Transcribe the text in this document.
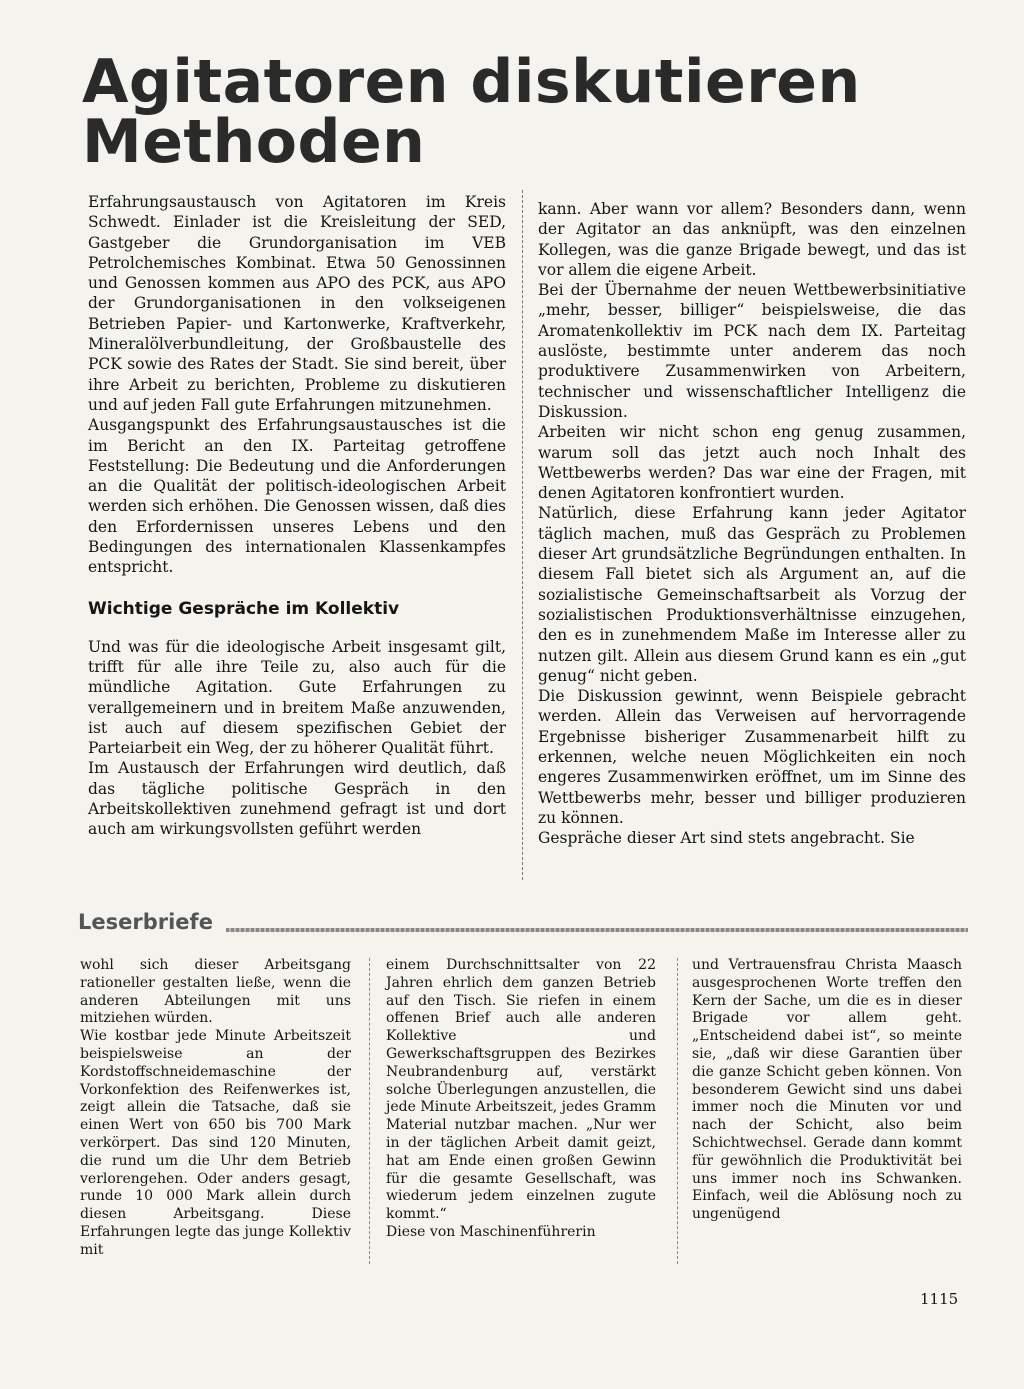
Agitatoren diskutieren Methoden

Erfahrungsaustausch von Agitatoren im Kreis Schwedt. Einlader ist die Kreisleitung der SED, Gastgeber die Grundorganisation im VEB Petrolchemisches Kombinat. Etwa 50 Genossinnen und Genossen kommen aus APO des PCK, aus APO der Grundorganisationen in den volkseigenen Betrieben Papier- und Kartonwerke, Kraftverkehr, Mineralölverbundleitung, der Großbaustelle des PCK sowie des Rates der Stadt. Sie sind bereit, über ihre Arbeit zu berichten, Probleme zu diskutieren und auf jeden Fall gute Erfahrungen mitzunehmen.

Ausgangspunkt des Erfahrungsaustausches ist die im Bericht an den IX. Parteitag getroffene Feststellung: Die Bedeutung und die Anforderungen an die Qualität der politisch-ideologischen Arbeit werden sich erhöhen. Die Genossen wissen, daß dies den Erfordernissen unseres Lebens und den Bedingungen des internationalen Klassenkampfes entspricht.

Wichtige Gespräche im Kollektiv

Und was für die ideologische Arbeit insgesamt gilt, trifft für alle ihre Teile zu, also auch für die mündliche Agitation. Gute Erfahrungen zu verallgemeinern und in breitem Maße anzuwenden, ist auch auf diesem spezifischen Gebiet der Parteiarbeit ein Weg, der zu höherer Qualität führt.

Im Austausch der Erfahrungen wird deutlich, daß das tägliche politische Gespräch in den Arbeitskollektiven zunehmend gefragt ist und dort auch am wirkungsvollsten geführt werden

kann. Aber wann vor allem? Besonders dann, wenn der Agitator an das anknüpft, was den einzelnen Kollegen, was die ganze Brigade bewegt, und das ist vor allem die eigene Arbeit.

Bei der Übernahme der neuen Wettbewerbsinitiative „mehr, besser, billiger“ beispielsweise, die das Aromatenkollektiv im PCK nach dem IX. Parteitag auslöste, bestimmte unter anderem das noch produktivere Zusammenwirken von Arbeitern, technischer und wissenschaftlicher Intelligenz die Diskussion.

Arbeiten wir nicht schon eng genug zusammen, warum soll das jetzt auch noch Inhalt des Wettbewerbs werden? Das war eine der Fragen, mit denen Agitatoren konfrontiert wurden.

Natürlich, diese Erfahrung kann jeder Agitator täglich machen, muß das Gespräch zu Problemen dieser Art grundsätzliche Begründungen enthalten. In diesem Fall bietet sich als Argument an, auf die sozialistische Gemeinschaftsarbeit als Vorzug der sozialistischen Produktionsverhältnisse einzugehen, den es in zunehmendem Maße im Interesse aller zu nutzen gilt. Allein aus diesem Grund kann es ein „gut genug“ nicht geben.

Die Diskussion gewinnt, wenn Beispiele gebracht werden. Allein das Verweisen auf hervorragende Ergebnisse bisheriger Zusammenarbeit hilft zu erkennen, welche neuen Möglichkeiten ein noch engeres Zusammenwirken eröffnet, um im Sinne des Wettbewerbs mehr, besser und billiger produzieren zu können.

Gespräche dieser Art sind stets angebracht. Sie

Leserbriefe

wohl sich dieser Arbeitsgang rationeller gestalten ließe, wenn die anderen Abteilungen mit uns mitziehen würden.

Wie kostbar jede Minute Arbeitszeit beispielsweise an der Kordstoffschneidemaschine der Vorkonfektion des Reifenwerkes ist, zeigt allein die Tatsache, daß sie einen Wert von 650 bis 700 Mark verkörpert. Das sind 120 Minuten, die rund um die Uhr dem Betrieb verlorengehen. Oder anders gesagt, runde 10 000 Mark allein durch diesen Arbeitsgang. Diese Erfahrungen legte das junge Kollektiv mit

einem Durchschnittsalter von 22 Jahren ehrlich dem ganzen Betrieb auf den Tisch. Sie riefen in einem offenen Brief auch alle anderen Kollektive und Gewerkschaftsgruppen des Bezirkes Neubrandenburg auf, verstärkt solche Überlegungen anzustellen, die jede Minute Arbeitszeit, jedes Gramm Material nutzbar machen. „Nur wer in der täglichen Arbeit damit geizt, hat am Ende einen großen Gewinn für die gesamte Gesellschaft, was wiederum jedem einzelnen zugute kommt.“

Diese von Maschinenführerin

und Vertrauensfrau Christa Maasch ausgesprochenen Worte treffen den Kern der Sache, um die es in dieser Brigade vor allem geht. „Entscheidend dabei ist“, so meinte sie, „daß wir diese Garantien über die ganze Schicht geben können. Von besonderem Gewicht sind uns dabei immer noch die Minuten vor und nach der Schicht, also beim Schichtwechsel. Gerade dann kommt für gewöhnlich die Produktivität bei uns immer noch ins Schwanken. Einfach, weil die Ablösung noch zu ungenügend

1115
